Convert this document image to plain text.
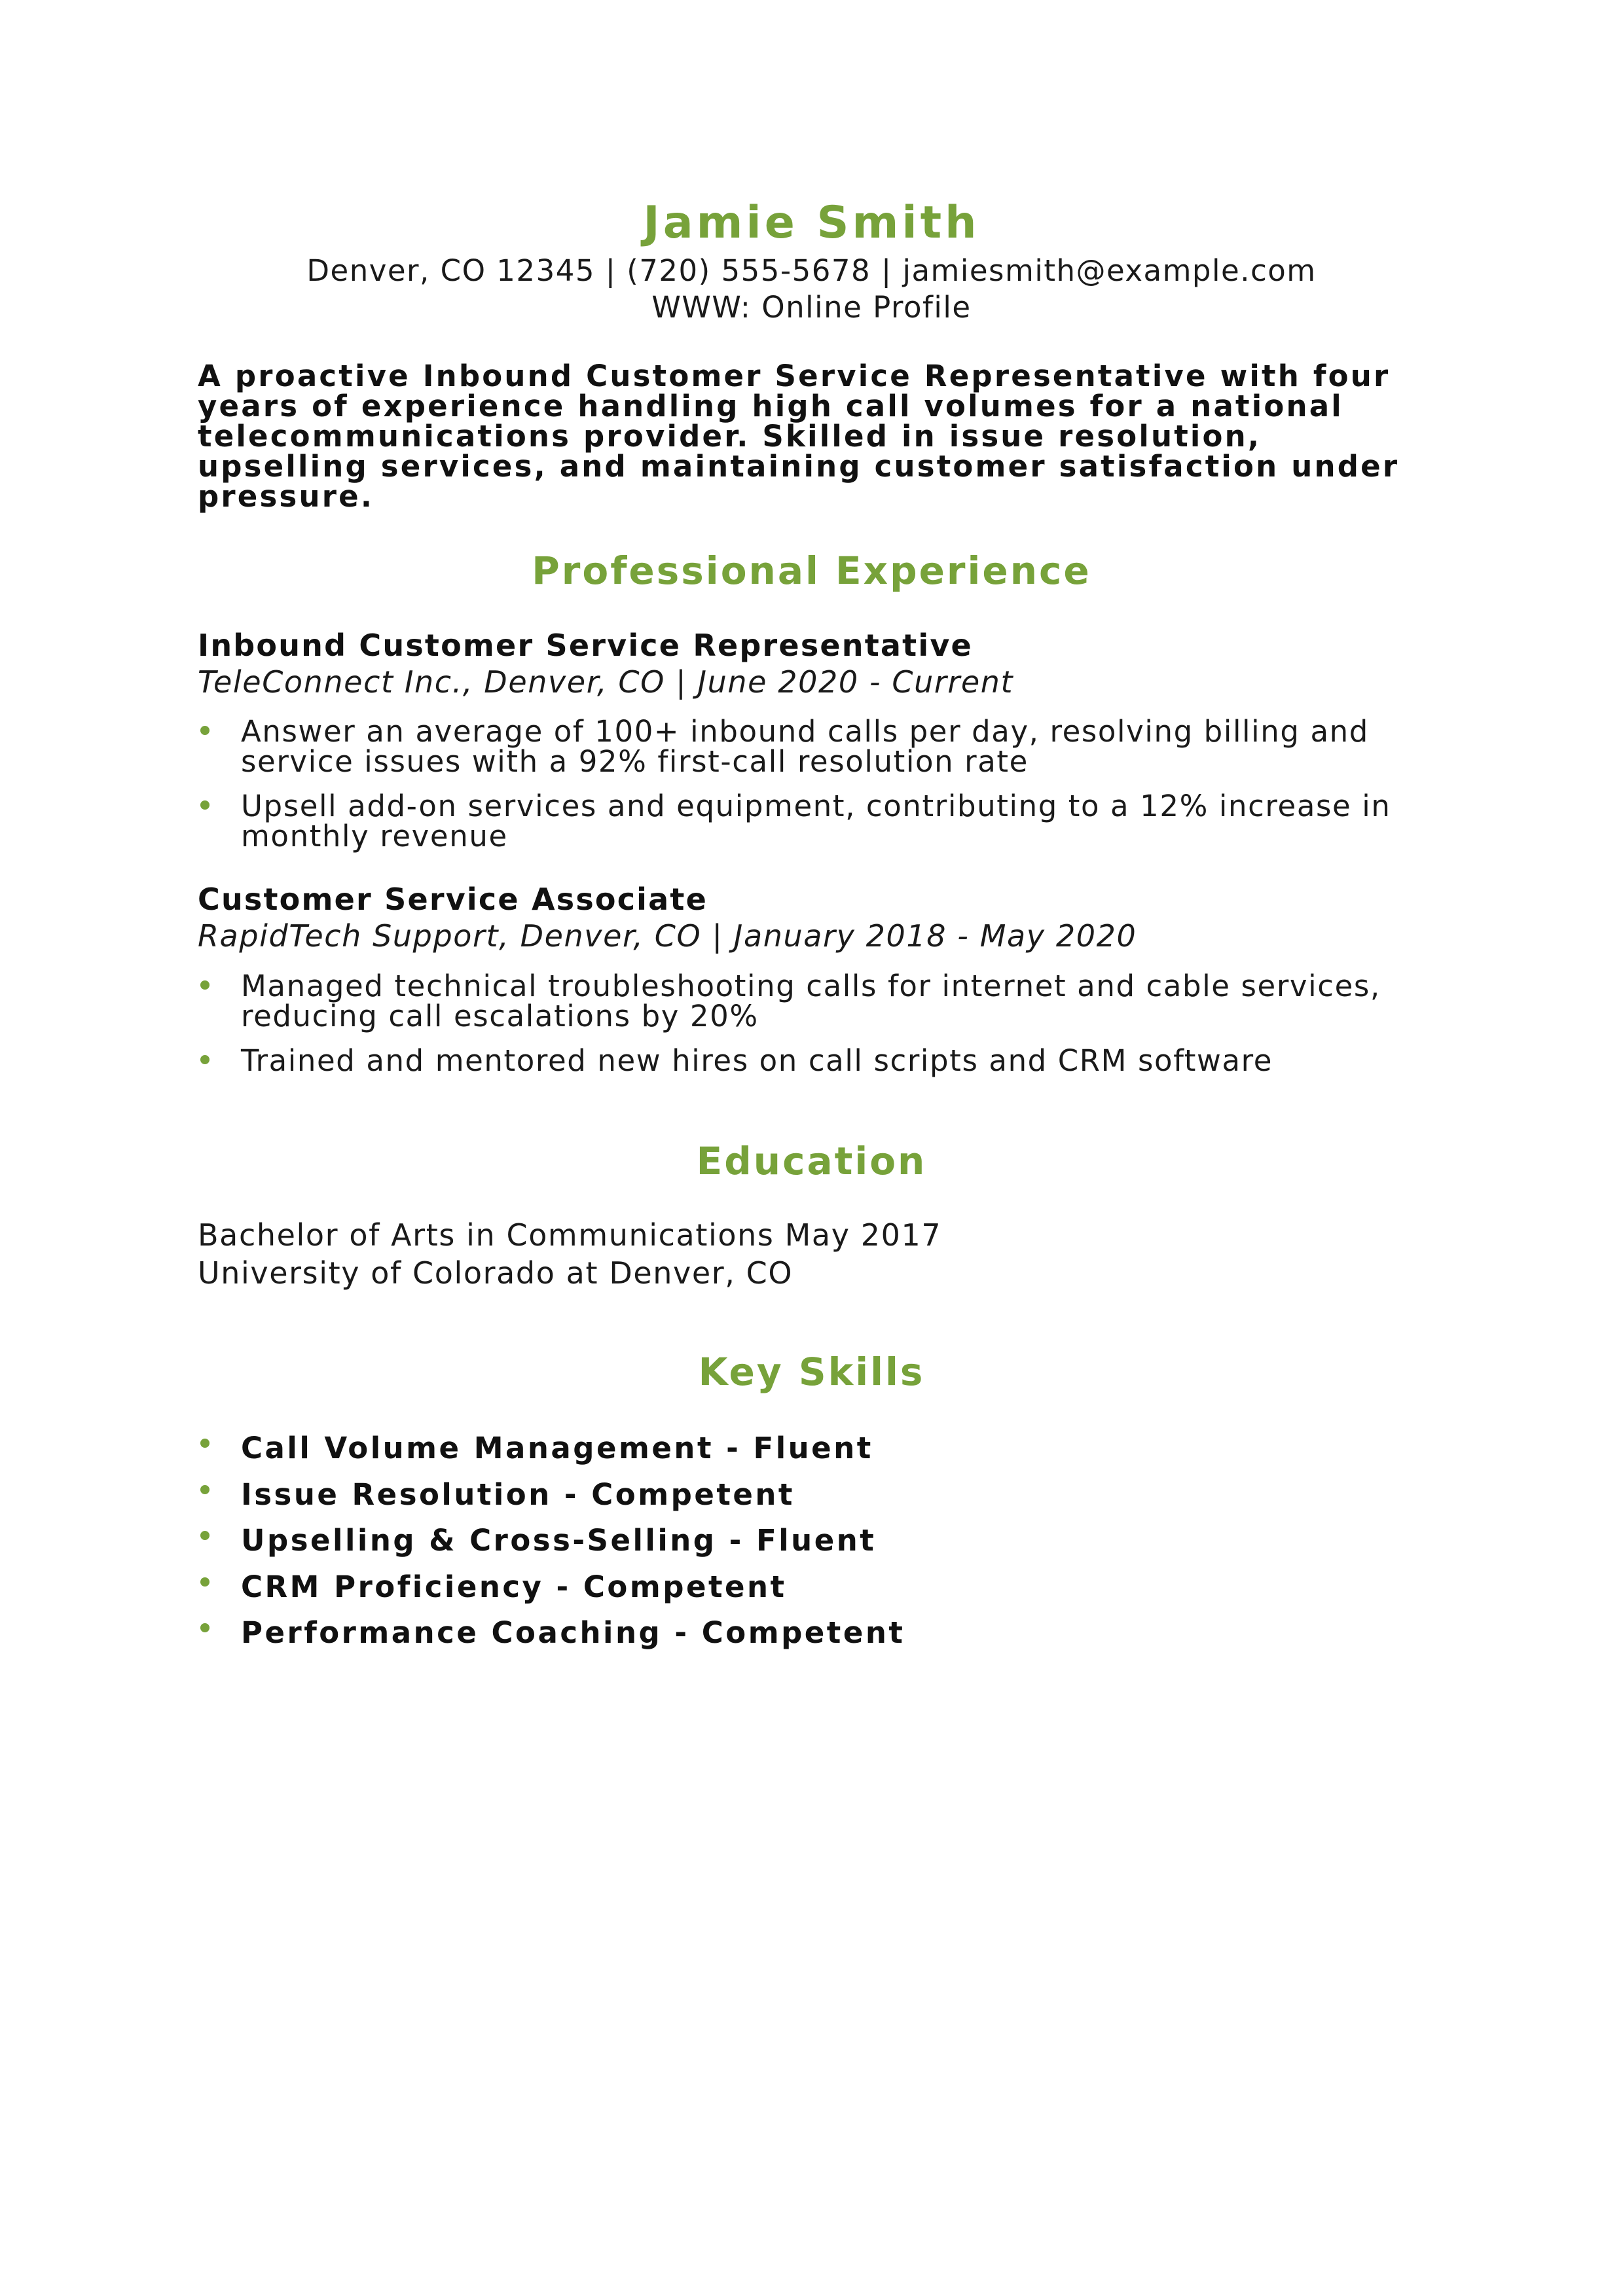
Jamie Smith
Denver, CO 12345 | (720) 555-5678 | jamiesmith@example.com
WWW: Online Profile

A proactive Inbound Customer Service Representative with four years of experience handling high call volumes for a national telecommunications provider. Skilled in issue resolution, upselling services, and maintaining customer satisfaction under pressure.

Professional Experience
Inbound Customer Service Representative
TeleConnect Inc., Denver, CO | June 2020 - Current
Answer an average of 100+ inbound calls per day, resolving billing and service issues with a 92% first-call resolution rate
Upsell add-on services and equipment, contributing to a 12% increase in monthly revenue
Customer Service Associate
RapidTech Support, Denver, CO | January 2018 - May 2020
Managed technical troubleshooting calls for internet and cable services, reducing call escalations by 20%
Trained and mentored new hires on call scripts and CRM software
Education
Bachelor of Arts in Communications May 2017
University of Colorado at Denver, CO
Key Skills
Call Volume Management - Fluent
Issue Resolution - Competent
Upselling & Cross-Selling - Fluent
CRM Proficiency - Competent
Performance Coaching - Competent
